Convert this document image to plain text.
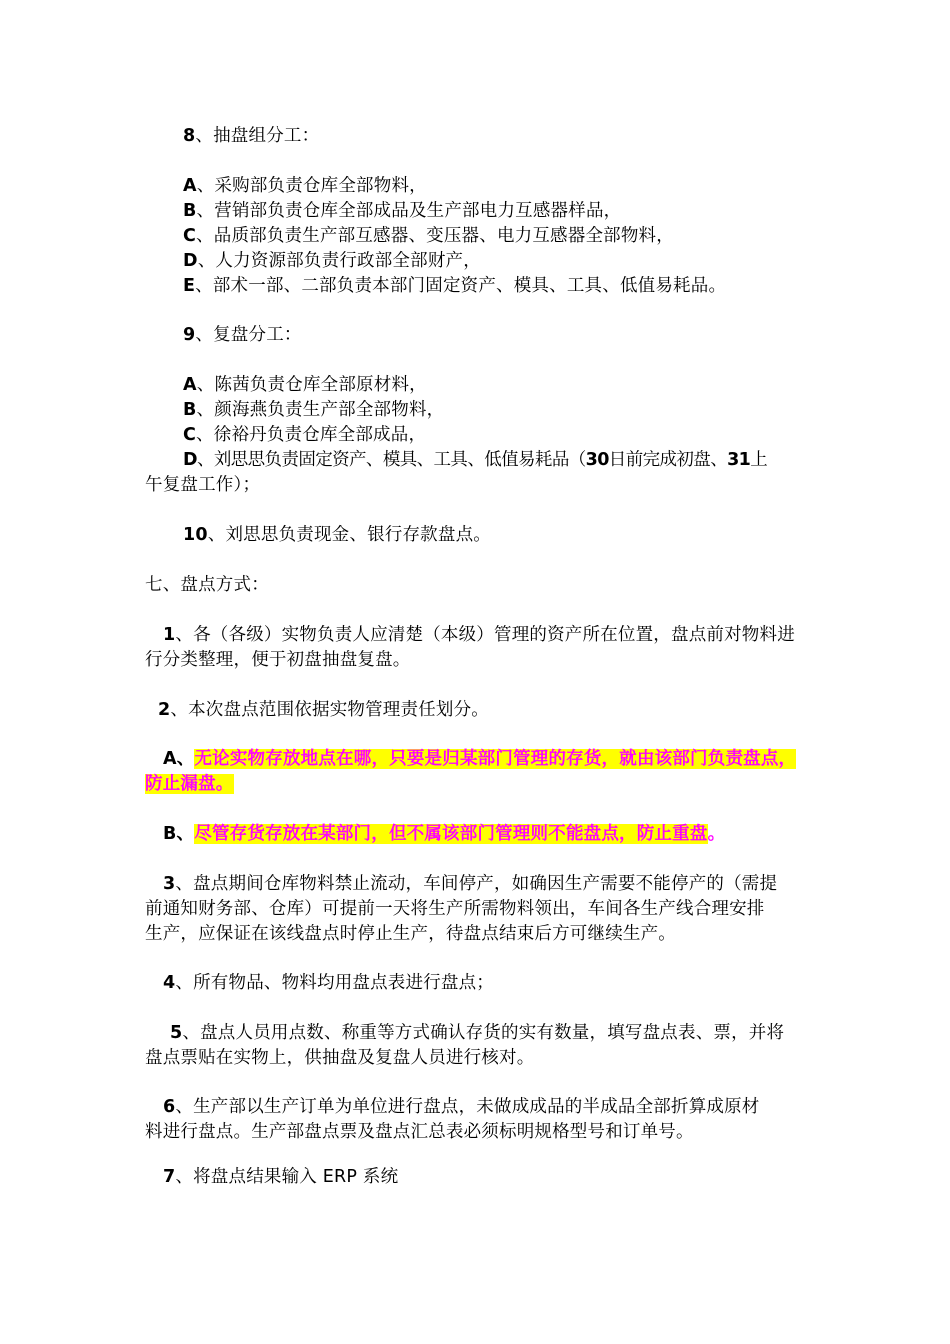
8、抽盘组分工：
A、采购部负责仓库全部物料，
B、营销部负责仓库全部成品及生产部电力互感器样品，
C、品质部负责生产部互感器、变压器、电力互感器全部物料，
D、人力资源部负责行政部全部财产，
E、部术一部、二部负责本部门固定资产、模具、工具、低值易耗品。
9、复盘分工：
A、陈茜负责仓库全部原材料，
B、颜海燕负责生产部全部物料，
C、徐裕丹负责仓库全部成品，
D、刘思思负责固定资产、模具、工具、低值易耗品（30日前完成初盘、31上
午复盘工作）；
10、刘思思负责现金、银行存款盘点。
七、盘点方式：
1、各（各级）实物负责人应清楚（本级）管理的资产所在位置，盘点前对物料进
行分类整理，便于初盘抽盘复盘。
2、本次盘点范围依据实物管理责任划分。
A、无论实物存放地点在哪，只要是归某部门管理的存货，就由该部门负责盘点，
防止漏盘。
B、尽管存货存放在某部门，但不属该部门管理则不能盘点，防止重盘。
3、盘点期间仓库物料禁止流动，车间停产，如确因生产需要不能停产的（需提
前通知财务部、仓库）可提前一天将生产所需物料领出，车间各生产线合理安排
生产，应保证在该线盘点时停止生产，待盘点结束后方可继续生产。
4、所有物品、物料均用盘点表进行盘点；
5、盘点人员用点数、称重等方式确认存货的实有数量，填写盘点表、票，并将
盘点票贴在实物上，供抽盘及复盘人员进行核对。
6、生产部以生产订单为单位进行盘点，未做成成品的半成品全部折算成原材
料进行盘点。生产部盘点票及盘点汇总表必须标明规格型号和订单号。
7、将盘点结果输入 ERP 系统
